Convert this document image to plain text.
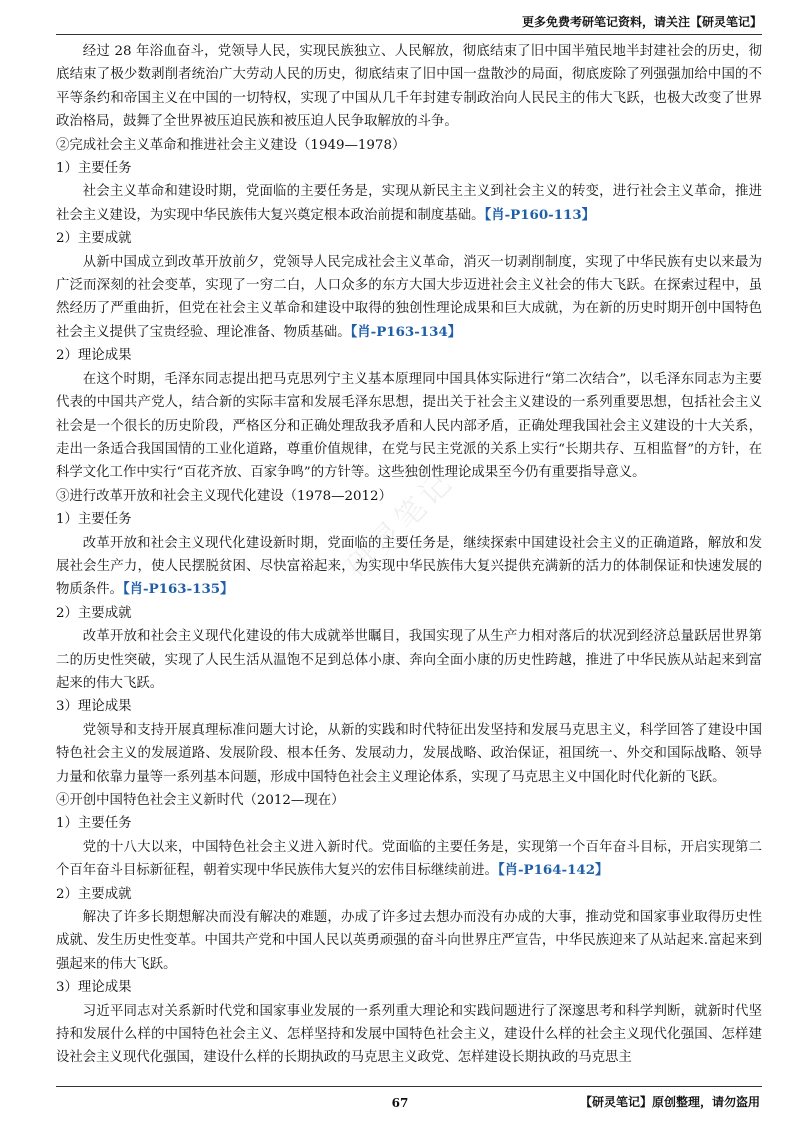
更多免费考研笔记资料，请关注【研灵笔记】
研灵笔记

经过 28 年浴血奋斗，党领导人民，实现民族独立、人民解放，彻底结束了旧中国半殖民地半封建社会的历史，彻底结束了极少数剥削者统治广大劳动人民的历史，彻底结束了旧中国一盘散沙的局面，彻底废除了列强强加给中国的不平等条约和帝国主义在中国的一切特权，实现了中国从几千年封建专制政治向人民民主的伟大飞跃，也极大改变了世界政治格局，鼓舞了全世界被压迫民族和被压迫人民争取解放的斗争。

②完成社会主义革命和推进社会主义建设（1949—1978）

1）主要任务

社会主义革命和建设时期，党面临的主要任务是，实现从新民主主义到社会主义的转变，进行社会主义革命，推进社会主义建设，为实现中华民族伟大复兴奠定根本政治前提和制度基础。【肖-P160-113】

2）主要成就

从新中国成立到改革开放前夕，党领导人民完成社会主义革命，消灭一切剥削制度，实现了中华民族有史以来最为广泛而深刻的社会变革，实现了一穷二白，人口众多的东方大国大步迈进社会主义社会的伟大飞跃。在探索过程中，虽然经历了严重曲折，但党在社会主义革命和建设中取得的独创性理论成果和巨大成就，为在新的历史时期开创中国特色社会主义提供了宝贵经验、理论准备、物质基础。【肖-P163-134】

2）理论成果

在这个时期，毛泽东同志提出把马克思列宁主义基本原理同中国具体实际进行“第二次结合”，以毛泽东同志为主要代表的中国共产党人，结合新的实际丰富和发展毛泽东思想，提出关于社会主义建设的一系列重要思想，包括社会主义社会是一个很长的历史阶段，严格区分和正确处理敌我矛盾和人民内部矛盾，正确处理我国社会主义建设的十大关系，走出一条适合我国国情的工业化道路，尊重价值规律，在党与民主党派的关系上实行“长期共存、互相监督”的方针，在科学文化工作中实行“百花齐放、百家争鸣”的方针等。这些独创性理论成果至今仍有重要指导意义。

③进行改革开放和社会主义现代化建设（1978—2012）

1）主要任务

改革开放和社会主义现代化建设新时期，党面临的主要任务是，继续探索中国建设社会主义的正确道路，解放和发展社会生产力，使人民摆脱贫困、尽快富裕起来，为实现中华民族伟大复兴提供充满新的活力的体制保证和快速发展的物质条件。【肖-P163-135】

2）主要成就

改革开放和社会主义现代化建设的伟大成就举世瞩目，我国实现了从生产力相对落后的状况到经济总量跃居世界第二的历史性突破，实现了人民生活从温饱不足到总体小康、奔向全面小康的历史性跨越，推进了中华民族从站起来到富起来的伟大飞跃。

3）理论成果

党领导和支持开展真理标准问题大讨论，从新的实践和时代特征出发坚持和发展马克思主义，科学回答了建设中国特色社会主义的发展道路、发展阶段、根本任务、发展动力，发展战略、政治保证，祖国统一、外交和国际战略、领导力量和依靠力量等一系列基本问题，形成中国特色社会主义理论体系，实现了马克思主义中国化时代化新的飞跃。

④开创中国特色社会主义新时代（2012—现在）

1）主要任务

党的十八大以来，中国特色社会主义进入新时代。党面临的主要任务是，实现第一个百年奋斗目标，开启实现第二个百年奋斗目标新征程，朝着实现中华民族伟大复兴的宏伟目标继续前进。【肖-P164-142】

2）主要成就

解决了许多长期想解决而没有解决的难题，办成了许多过去想办而没有办成的大事，推动党和国家事业取得历史性成就、发生历史性变革。中国共产党和中国人民以英勇顽强的奋斗向世界庄严宣告，中华民族迎来了从站起来.富起来到强起来的伟大飞跃。

3）理论成果

习近平同志对关系新时代党和国家事业发展的一系列重大理论和实践问题进行了深邃思考和科学判断，就新时代坚持和发展什么样的中国特色社会主义、怎样坚持和发展中国特色社会主义，建设什么样的社会主义现代化强国、怎样建设社会主义现代化强国，建设什么样的长期执政的马克思主义政党、怎样建设长期执政的马克思主

67	【研灵笔记】原创整理，请勿盗用
